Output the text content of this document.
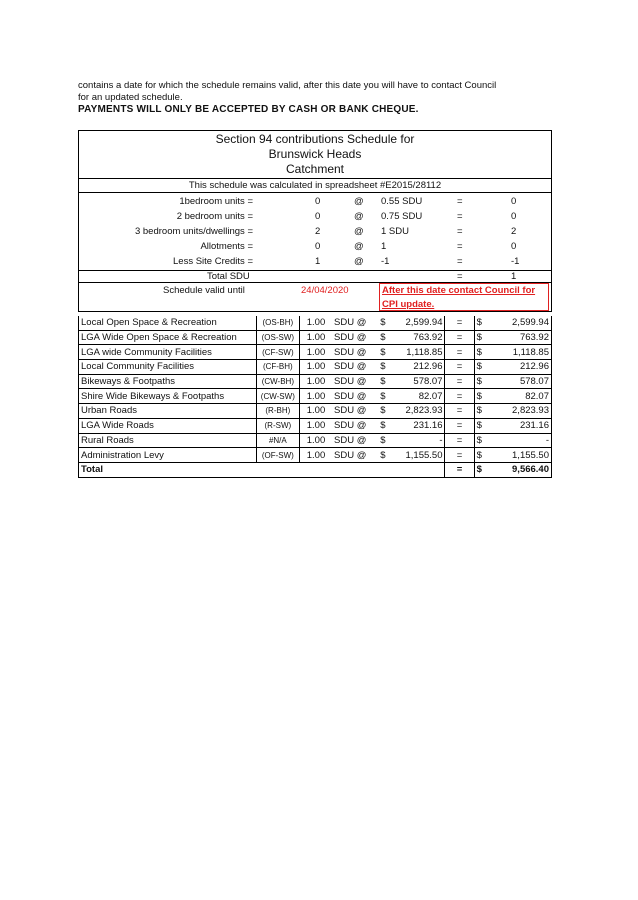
contains a date for which the schedule remains valid, after this date you will have to contact Council

for an updated schedule.

PAYMENTS WILL ONLY BE ACCEPTED BY CASH OR BANK CHEQUE.

Section 94 contributions Schedule for
Brunswick Heads
Catchment
This schedule was calculated in spreadsheet #E2015/28112
1bedroom units =	0	@ 0.55 SDU	=	0
2 bedroom units =	0	@ 0.75 SDU	=	0
3 bedroom units/dwellings =	2	@ 1 SDU	=	2
Allotments =	0	@ 1	=	0
Less Site Credits =	1	@ -1	=	-1
Total SDU	=	1
Schedule valid until	24/04/2020	After this date contact Council for CPI update.
Local Open Space & Recreation	(OS-BH)	1.00	SDU @	$	2,599.94	=	$	2,599.94
LGA Wide Open Space & Recreation	(OS-SW)	1.00	SDU @	$	763.92	=	$	763.92
LGA wide Community Facilities	(CF-SW)	1.00	SDU @	$	1,118.85	=	$	1,118.85
Local Community Facilities	(CF-BH)	1.00	SDU @	$	212.96	=	$	212.96
Bikeways & Footpaths	(CW-BH)	1.00	SDU @	$	578.07	=	$	578.07
Shire Wide Bikeways & Footpaths	(CW-SW)	1.00	SDU @	$	82.07	=	$	82.07
Urban Roads	(R-BH)	1.00	SDU @	$	2,823.93	=	$	2,823.93
LGA Wide Roads	(R-SW)	1.00	SDU @	$	231.16	=	$	231.16
Rural Roads	#N/A	1.00	SDU @	$	-	=	$	-
Administration Levy	(OF-SW)	1.00	SDU @	$	1,155.50	=	$	1,155.50
Total						=	$	9,566.40
